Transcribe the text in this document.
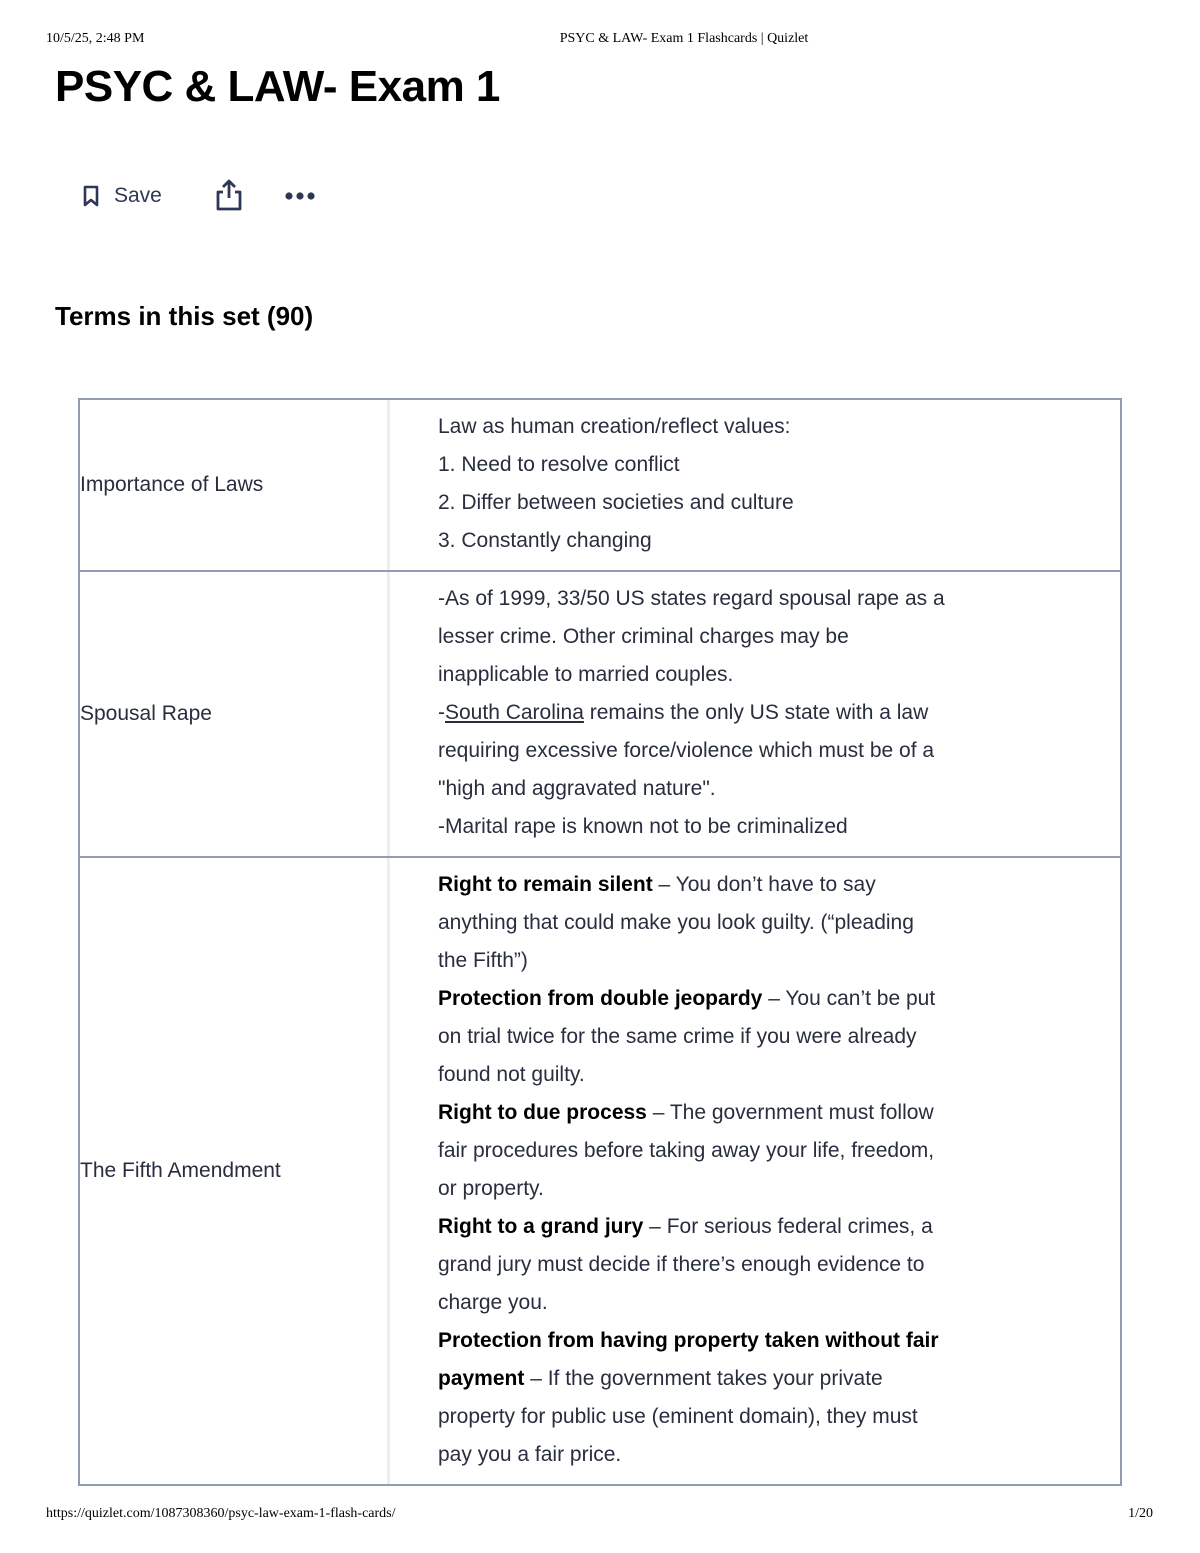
10/5/25, 2:48 PM	PSYC & LAW- Exam 1 Flashcards | Quizlet
PSYC & LAW- Exam 1
Save
Terms in this set (90)
Importance of Laws
Law as human creation/reflect values:
1. Need to resolve conflict
2. Differ between societies and culture
3. Constantly changing
Spousal Rape
-As of 1999, 33/50 US states regard spousal rape as a
lesser crime. Other criminal charges may be
inapplicable to married couples.
-South Carolina remains the only US state with a law
requiring excessive force/violence which must be of a
"high and aggravated nature".
-Marital rape is known not to be criminalized
The Fifth Amendment
Right to remain silent – You don’t have to say
anything that could make you look guilty. (“pleading
the Fifth”)
Protection from double jeopardy – You can’t be put
on trial twice for the same crime if you were already
found not guilty.
Right to due process – The government must follow
fair procedures before taking away your life, freedom,
or property.
Right to a grand jury – For serious federal crimes, a
grand jury must decide if there’s enough evidence to
charge you.
Protection from having property taken without fair
payment – If the government takes your private
property for public use (eminent domain), they must
pay you a fair price.
https://quizlet.com/1087308360/psyc-law-exam-1-flash-cards/	1/20
